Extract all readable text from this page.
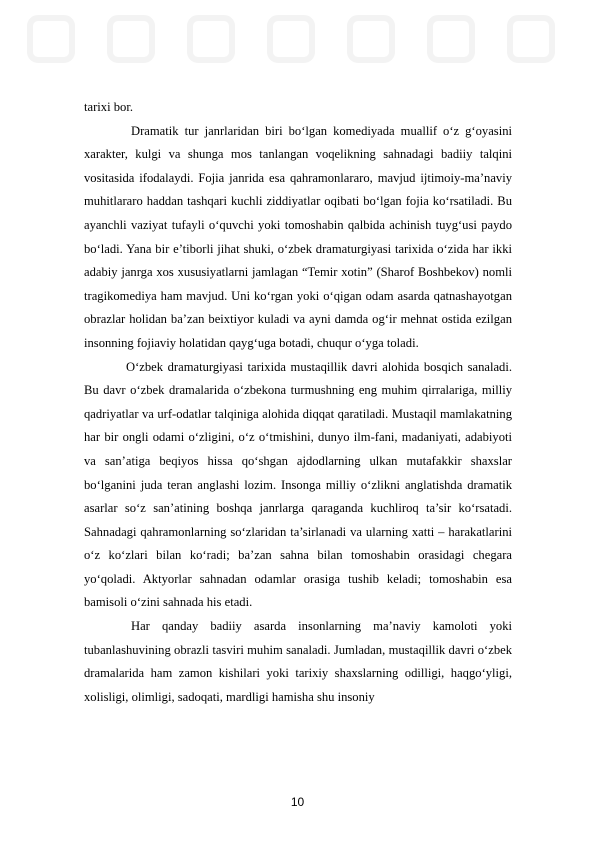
tarixi bor.

Dramatik tur janrlaridan biri bo‘lgan komediyada muallif o‘z g‘oyasini xarakter, kulgi va shunga mos tanlangan voqelikning sahnadagi badiiy talqini vositasida ifodalaydi. Fojia janrida esa qahramonlararo, mavjud ijtimoiy-ma’naviy muhitlararo haddan tashqari kuchli ziddiyatlar oqibati bo‘lgan fojia ko‘rsatiladi. Bu ayanchli vaziyat tufayli o‘quvchi yoki tomoshabin qalbida achinish tuyg‘usi paydo bo‘ladi. Yana bir e’tiborli jihat shuki, o‘zbek dramaturgiyasi tarixida o‘zida har ikki adabiy janrga xos xususiyatlarni jamlagan “Temir xotin” (Sharof Boshbekov) nomli tragikomediya ham mavjud. Uni ko‘rgan yoki o‘qigan odam asarda qatnashayotgan obrazlar holidan ba’zan beixtiyor kuladi va ayni damda og‘ir mehnat ostida ezilgan insonning fojiaviy holatidan qayg‘uga botadi, chuqur o‘yga toladi.

O‘zbek dramaturgiyasi tarixida mustaqillik davri alohida bosqich sanaladi. Bu davr o‘zbek dramalarida o‘zbekona turmushning eng muhim qirralariga, milliy qadriyatlar va urf-odatlar talqiniga alohida diqqat qaratiladi. Mustaqil mamlakatning har bir ongli odami o‘zligini, o‘z o‘tmishini, dunyo ilm-fani, madaniyati, adabiyoti va san’atiga beqiyos hissa qo‘shgan ajdodlarning ulkan mutafakkir shaxslar bo‘lganini juda teran anglashi lozim. Insonga milliy o‘zlikni anglatishda dramatik asarlar so‘z san’atining boshqa janrlarga qaraganda kuchliroq ta’sir ko‘rsatadi. Sahnadagi qahramonlarning so‘zlaridan ta’sirlanadi va ularning xatti – harakatlarini o‘z ko‘zlari bilan ko‘radi; ba’zan sahna bilan tomoshabin orasidagi chegara yo‘qoladi. Aktyorlar sahnadan odamlar orasiga tushib keladi; tomoshabin esa bamisoli o‘zini sahnada his etadi.

Har qanday badiiy asarda insonlarning ma’naviy kamoloti yoki tubanlashuvining obrazli tasviri muhim sanaladi. Jumladan, mustaqillik davri o‘zbek dramalarida ham zamon kishilari yoki tarixiy shaxslarning odilligi, haqgo‘yligi, xolisligi, olimligi, sadoqati, mardligi hamisha shu insoniy

10
